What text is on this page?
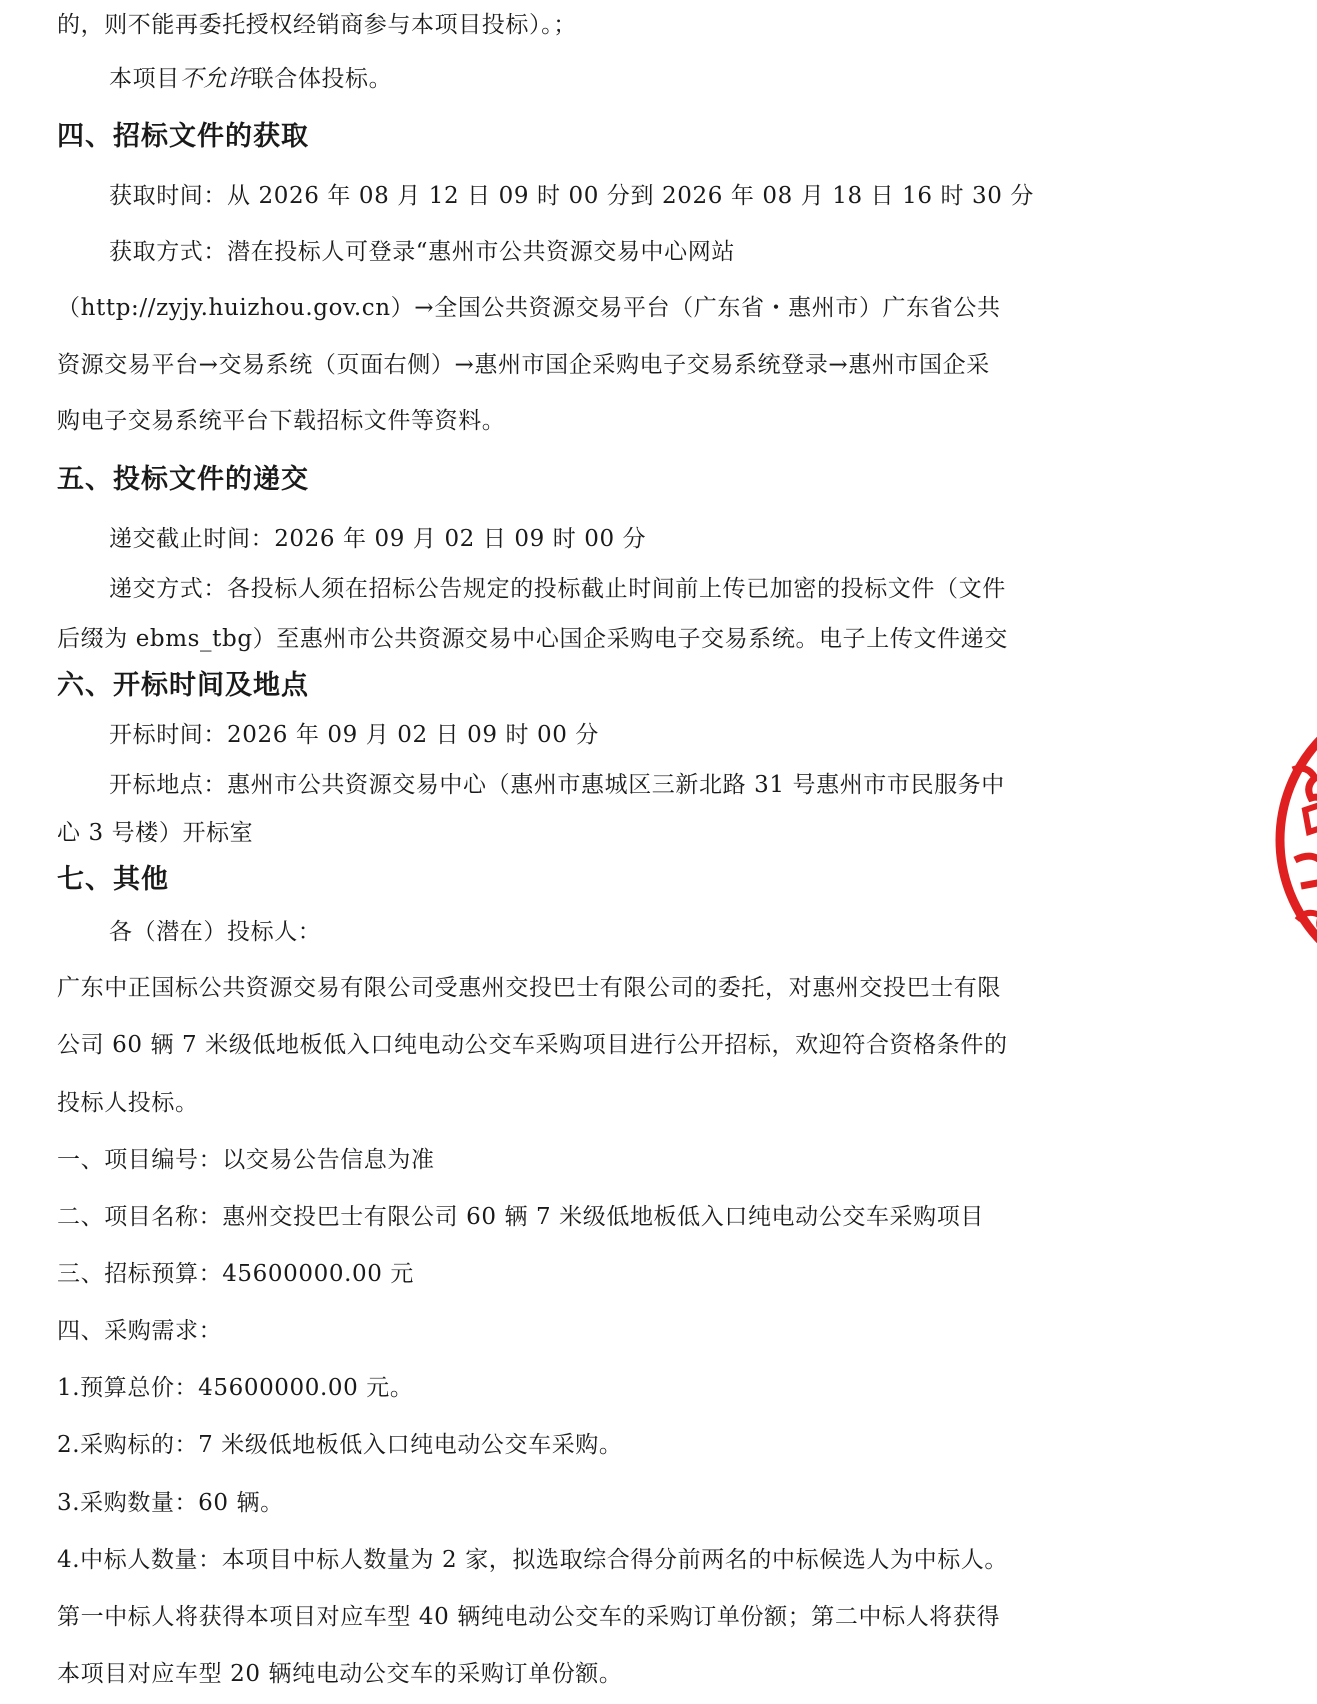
的，则不能再委托授权经销商参与本项目投标）。；
本项目不允许联合体投标。
四、招标文件的获取
获取时间：从 2026 年 08 月 12 日 09 时 00 分到 2026 年 08 月 18 日 16 时 30 分
获取方式：潜在投标人可登录“惠州市公共资源交易中心网站
（http://zyjy.huizhou.gov.cn）→全国公共资源交易平台（广东省・惠州市）广东省公共
资源交易平台→交易系统（页面右侧）→惠州市国企采购电子交易系统登录→惠州市国企采
购电子交易系统平台下载招标文件等资料。
五、投标文件的递交
递交截止时间：2026 年 09 月 02 日 09 时 00 分
递交方式：各投标人须在招标公告规定的投标截止时间前上传已加密的投标文件（文件
后缀为 ebms_tbg）至惠州市公共资源交易中心国企采购电子交易系统。电子上传文件递交
六、开标时间及地点
开标时间：2026 年 09 月 02 日 09 时 00 分
开标地点：惠州市公共资源交易中心（惠州市惠城区三新北路 31 号惠州市市民服务中
心 3 号楼）开标室
七、其他
各（潜在）投标人：
广东中正国标公共资源交易有限公司受惠州交投巴士有限公司的委托，对惠州交投巴士有限
公司 60 辆 7 米级低地板低入口纯电动公交车采购项目进行公开招标，欢迎符合资格条件的
投标人投标。
一、项目编号：以交易公告信息为准
二、项目名称：惠州交投巴士有限公司 60 辆 7 米级低地板低入口纯电动公交车采购项目
三、招标预算：45600000.00 元
四、采购需求：
1.预算总价：45600000.00 元。
2.采购标的：7 米级低地板低入口纯电动公交车采购。
3.采购数量：60 辆。
4.中标人数量：本项目中标人数量为 2 家，拟选取综合得分前两名的中标候选人为中标人。
第一中标人将获得本项目对应车型 40 辆纯电动公交车的采购订单份额；第二中标人将获得
本项目对应车型 20 辆纯电动公交车的采购订单份额。
